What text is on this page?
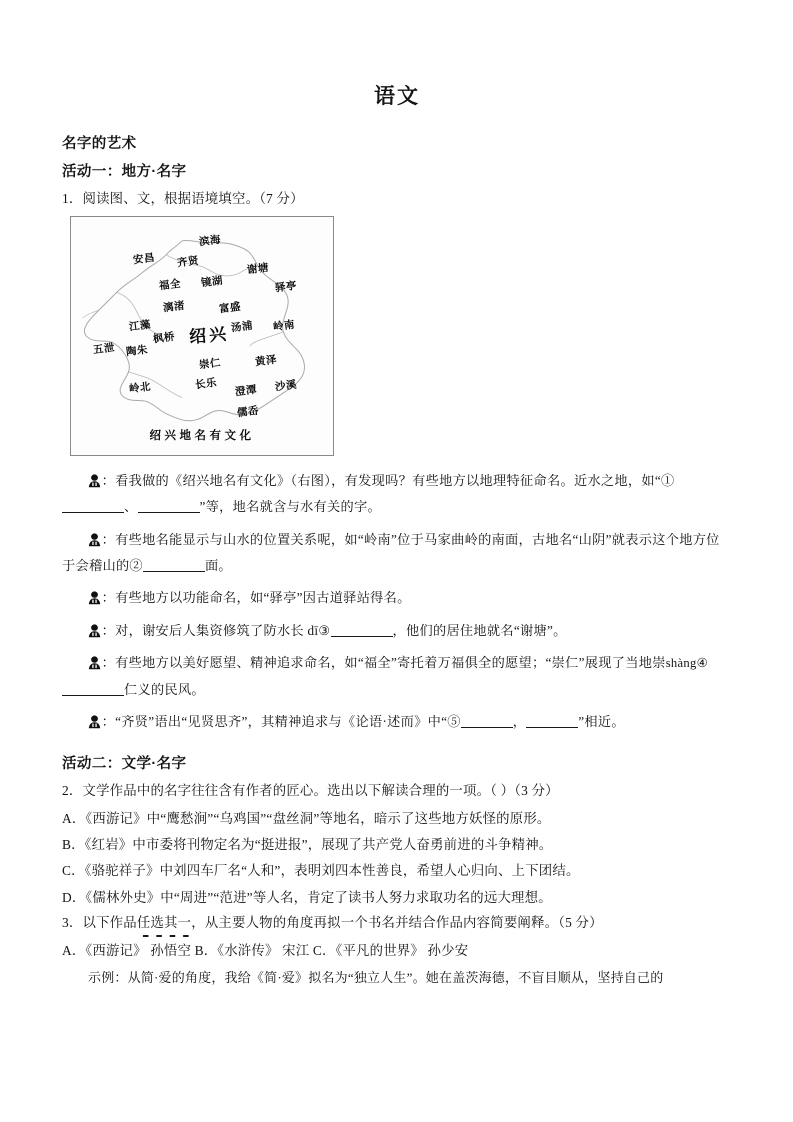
语文
名字的艺术
活动一：地方·名字
1．阅读图、文，根据语境填空。（7 分）
滨海
安昌 齐贤
谢塘
福全 镜湖	驿亭
漓渚	富盛
江藻	汤浦 岭南
枫桥 绍兴
五泄 陶朱
崇仁	黄泽
岭北	长乐
澄潭 沙溪
儒岙
绍兴地名有文化

：看我做的《绍兴地名有文化》（右图），有发现吗？有些地方以地理特征命名。近水之地，如“①、	”等，地名就含与水有关的字。

：有些地名能显示与山水的位置关系呢，如“岭南”位于马家曲岭的南面，古地名“山阴”就表示这个地方位于会稽山的②	面。

：有些地方以功能命名，如“驿亭”因古道驿站得名。

：对，谢安后人集资修筑了防水长 dī③	，他们的居住地就名“谢塘”。

：有些地方以美好愿望、精神追求命名，如“福全”寄托着万福俱全的愿望；“崇仁”展现了当地崇shàng④仁义的民风。

：“齐贤”语出“见贤思齐”，其精神追求与《论语·述而》中“⑤	，	”相近。

活动二：文学·名字
2．文学作品中的名字往往含有作者的匠心。选出以下解读合理的一项。（ ）（3 分）

A．《西游记》中“鹰愁涧”“乌鸡国”“盘丝洞”等地名，暗示了这些地方妖怪的原形。

B．《红岩》中市委将刊物定名为“挺进报”，展现了共产党人奋勇前进的斗争精神。

C．《骆驼祥子》中刘四车厂名“人和”，表明刘四本性善良，希望人心归向、上下团结。

D．《儒林外史》中“周进”“范进”等人名，肯定了读书人努力求取功名的远大理想。

3．以下作品任选其一，从主要人物的角度再拟一个书名并结合作品内容简要阐释。（5 分）

A．《西游记》 孙悟空 B．《水浒传》 宋江 C．《平凡的世界》 孙少安

示例：从简·爱的角度，我给《简·爱》拟名为“独立人生”。她在盖茨海德，不盲目顺从，坚持自己的
